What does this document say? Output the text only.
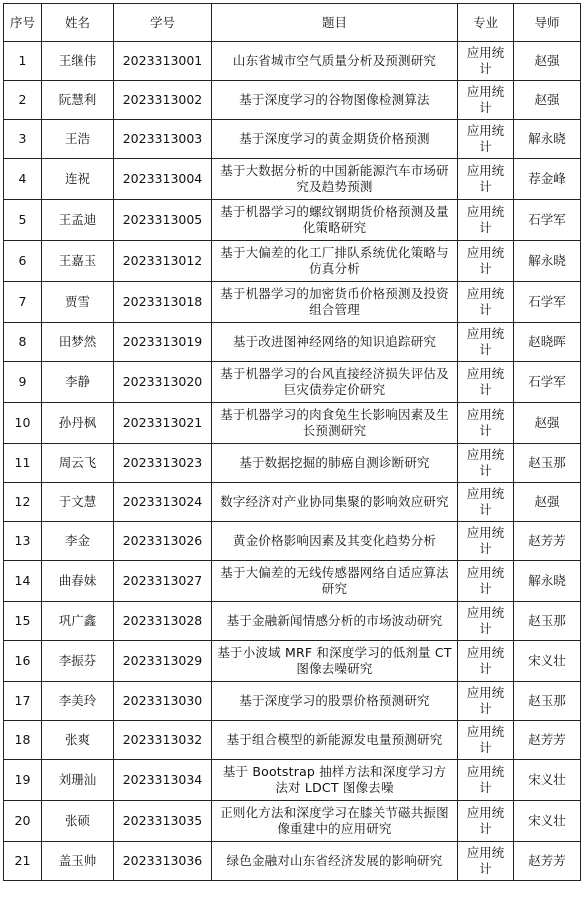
序号	姓名	学号	题目	专业	导师
1	王继伟	2023313001	山东省城市空气质量分析及预测研究	应用统计	赵强
2	阮慧利	2023313002	基于深度学习的谷物图像检测算法	应用统计	赵强
3	王浩	2023313003	基于深度学习的黄金期货价格预测	应用统计	解永晓
4	连祝	2023313004	基于大数据分析的中国新能源汽车市场研究及趋势预测	应用统计	荐金峰
5	王孟迪	2023313005	基于机器学习的螺纹钢期货价格预测及量化策略研究	应用统计	石学军
6	王嘉玉	2023313012	基于大偏差的化工厂排队系统优化策略与仿真分析	应用统计	解永晓
7	贾雪	2023313018	基于机器学习的加密货币价格预测及投资组合管理	应用统计	石学军
8	田梦然	2023313019	基于改进图神经网络的知识追踪研究	应用统计	赵晓晖
9	李静	2023313020	基于机器学习的台风直接经济损失评估及巨灾债券定价研究	应用统计	石学军
10	孙丹枫	2023313021	基于机器学习的肉食兔生长影响因素及生长预测研究	应用统计	赵强
11	周云飞	2023313023	基于数据挖掘的肺癌自测诊断研究	应用统计	赵玉那
12	于文慧	2023313024	数字经济对产业协同集聚的影响效应研究	应用统计	赵强
13	李金	2023313026	黄金价格影响因素及其变化趋势分析	应用统计	赵芳芳
14	曲春妹	2023313027	基于大偏差的无线传感器网络自适应算法研究	应用统计	解永晓
15	巩广鑫	2023313028	基于金融新闻情感分析的市场波动研究	应用统计	赵玉那
16	李振芬	2023313029	基于小波域 MRF 和深度学习的低剂量 CT 图像去噪研究	应用统计	宋义壮
17	李美玲	2023313030	基于深度学习的股票价格预测研究	应用统计	赵玉那
18	张爽	2023313032	基于组合模型的新能源发电量预测研究	应用统计	赵芳芳
19	刘珊汕	2023313034	基于 Bootstrap 抽样方法和深度学习方法对 LDCT 图像去噪	应用统计	宋义壮
20	张硕	2023313035	正则化方法和深度学习在膝关节磁共振图像重建中的应用研究	应用统计	宋义壮
21	盖玉帅	2023313036	绿色金融对山东省经济发展的影响研究	应用统计	赵芳芳
